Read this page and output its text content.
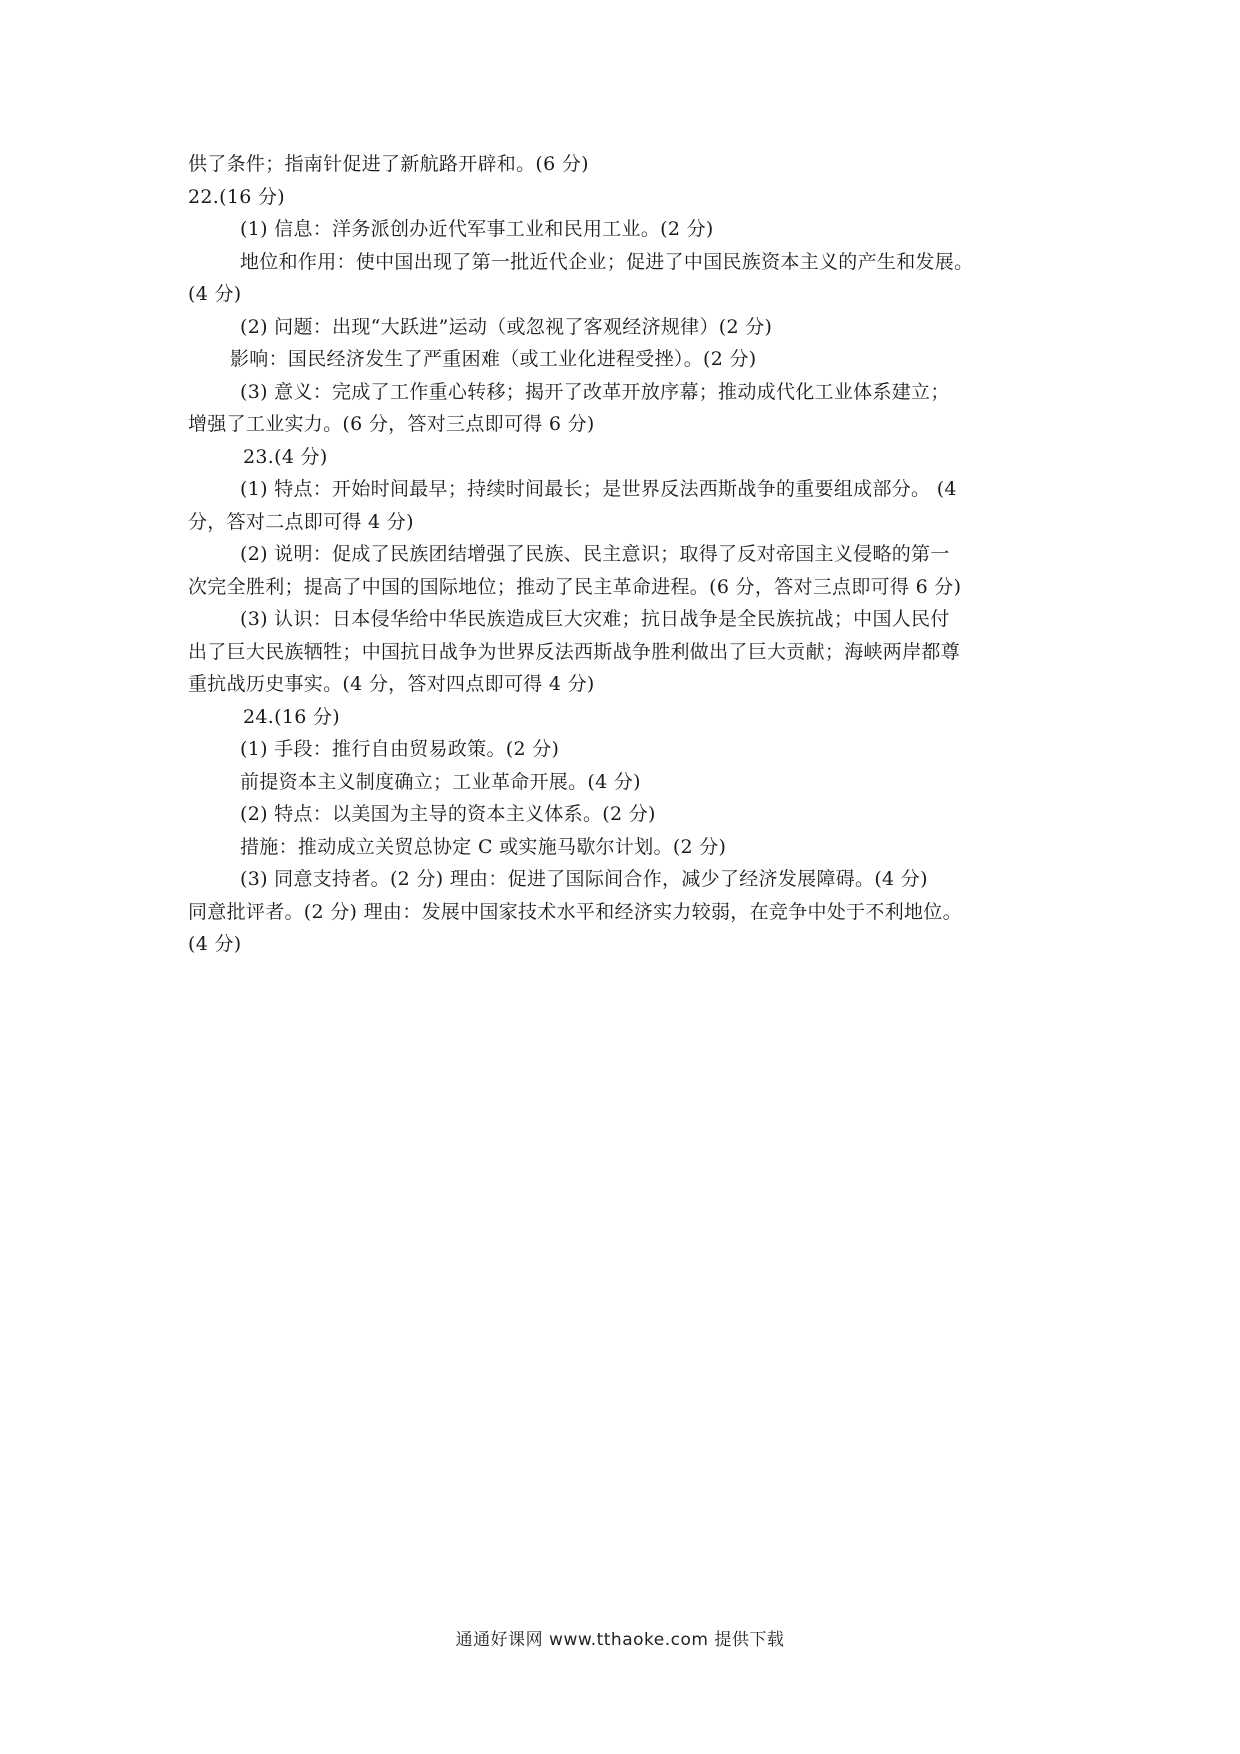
供了条件；指南针促进了新航路开辟和。(6 分)
22.(16 分)
(1) 信息：洋务派创办近代军事工业和民用工业。(2 分)
地位和作用：使中国出现了第一批近代企业；促进了中国民族资本主义的产生和发展。
(4 分)
(2) 问题：出现“大跃进”运动（或忽视了客观经济规律）(2 分)
影响：国民经济发生了严重困难（或工业化进程受挫）。(2 分)
(3) 意义：完成了工作重心转移；揭开了改革开放序幕；推动成代化工业体系建立；
增强了工业实力。(6 分，答对三点即可得 6 分)
23.(4 分)
(1) 特点：开始时间最早；持续时间最长；是世界反法西斯战争的重要组成部分。 (4
分，答对二点即可得 4 分)
(2) 说明：促成了民族团结增强了民族、民主意识；取得了反对帝国主义侵略的第一
次完全胜利；提高了中国的国际地位；推动了民主革命进程。(6 分，答对三点即可得 6 分)
(3) 认识：日本侵华给中华民族造成巨大灾难；抗日战争是全民族抗战；中国人民付
出了巨大民族牺牲；中国抗日战争为世界反法西斯战争胜利做出了巨大贡献；海峡两岸都尊
重抗战历史事实。(4 分，答对四点即可得 4 分)
24.(16 分)
(1) 手段：推行自由贸易政策。(2 分)
前提资本主义制度确立；工业革命开展。(4 分)
(2) 特点：以美国为主导的资本主义体系。(2 分)
措施：推动成立关贸总协定 C 或实施马歇尔计划。(2 分)
(3) 同意支持者。(2 分) 理由：促进了国际间合作，减少了经济发展障碍。(4 分)
同意批评者。(2 分) 理由：发展中国家技术水平和经济实力较弱，在竞争中处于不利地位。
(4 分)
通通好课网 www.tthaoke.com 提供下载
